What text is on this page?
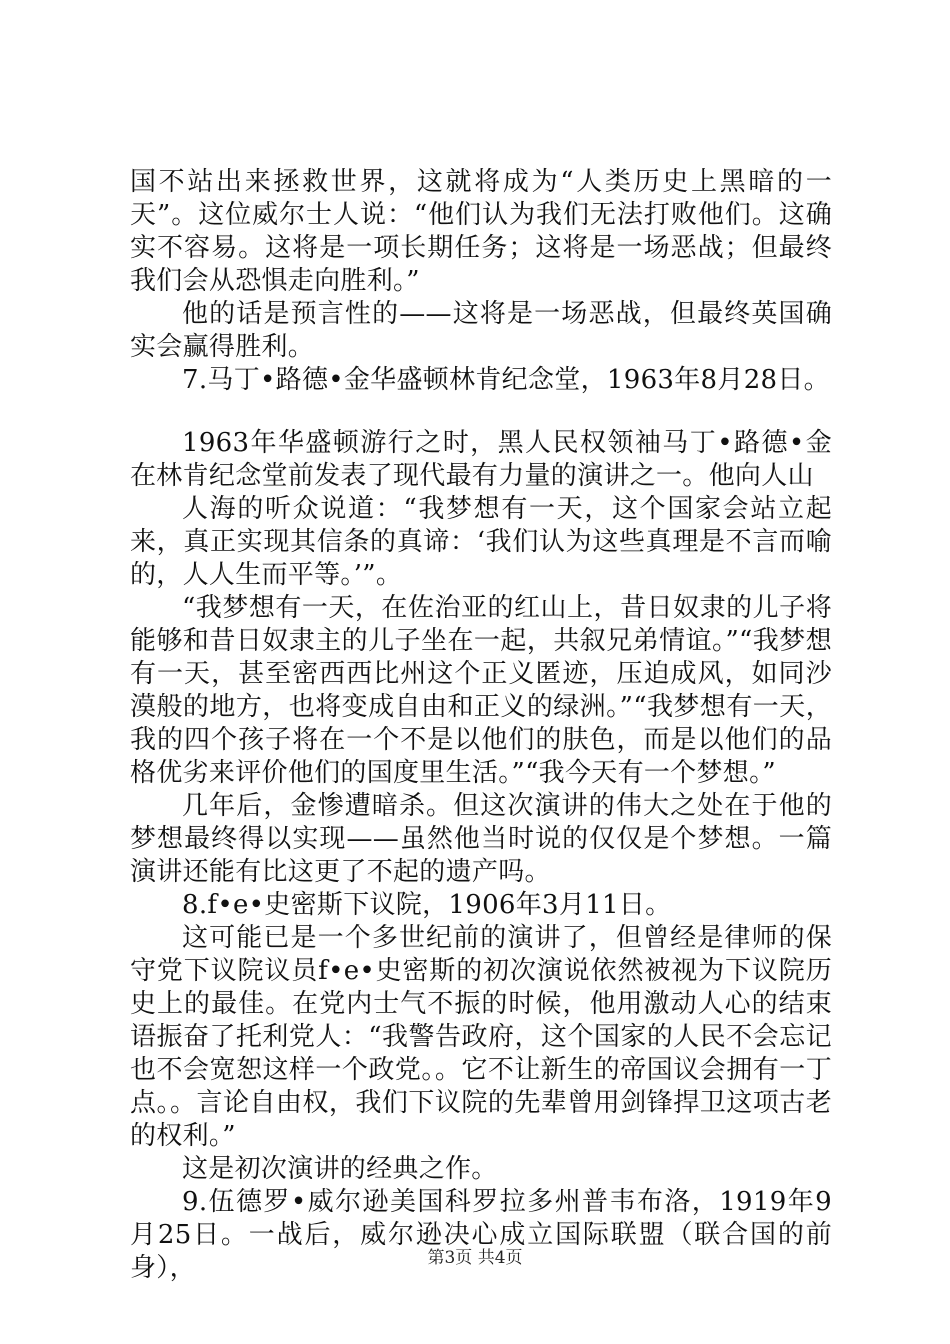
国不站出来拯救世界，这就将成为“人类历史上黑暗的一天”。这位威尔士人说：“他们认为我们无法打败他们。这确实不容易。这将是一项长期任务；这将是一场恶战；但最终我们会从恐惧走向胜利。”

他的话是预言性的——这将是一场恶战，但最终英国确实会赢得胜利。

7.马丁•路德•金华盛顿林肯纪念堂，1963年8月28日。

1963年华盛顿游行之时，黑人民权领袖马丁•路德•金在林肯纪念堂前发表了现代最有力量的演讲之一。他向人山

人海的听众说道：“我梦想有一天，这个国家会站立起来，真正实现其信条的真谛：‘我们认为这些真理是不言而喻的，人人生而平等。’”。

“我梦想有一天，在佐治亚的红山上，昔日奴隶的儿子将能够和昔日奴隶主的儿子坐在一起，共叙兄弟情谊。”“我梦想有一天，甚至密西西比州这个正义匿迹，压迫成风，如同沙漠般的地方，也将变成自由和正义的绿洲。”“我梦想有一天，我的四个孩子将在一个不是以他们的肤色，而是以他们的品格优劣来评价他们的国度里生活。”“我今天有一个梦想。”

几年后，金惨遭暗杀。但这次演讲的伟大之处在于他的梦想最终得以实现——虽然他当时说的仅仅是个梦想。一篇演讲还能有比这更了不起的遗产吗。

8.f•e•史密斯下议院，1906年3月11日。

这可能已是一个多世纪前的演讲了，但曾经是律师的保守党下议院议员f•e•史密斯的初次演说依然被视为下议院历史上的最佳。在党内士气不振的时候，他用激动人心的结束语振奋了托利党人：“我警告政府，这个国家的人民不会忘记也不会宽恕这样一个政党。。它不让新生的帝国议会拥有一丁点。。言论自由权，我们下议院的先辈曾用剑锋捍卫这项古老的权利。”

这是初次演讲的经典之作。

9.伍德罗•威尔逊美国科罗拉多州普韦布洛，1919年9月25日。一战后，威尔逊决心成立国际联盟（联合国的前身），	第3页 共4页
